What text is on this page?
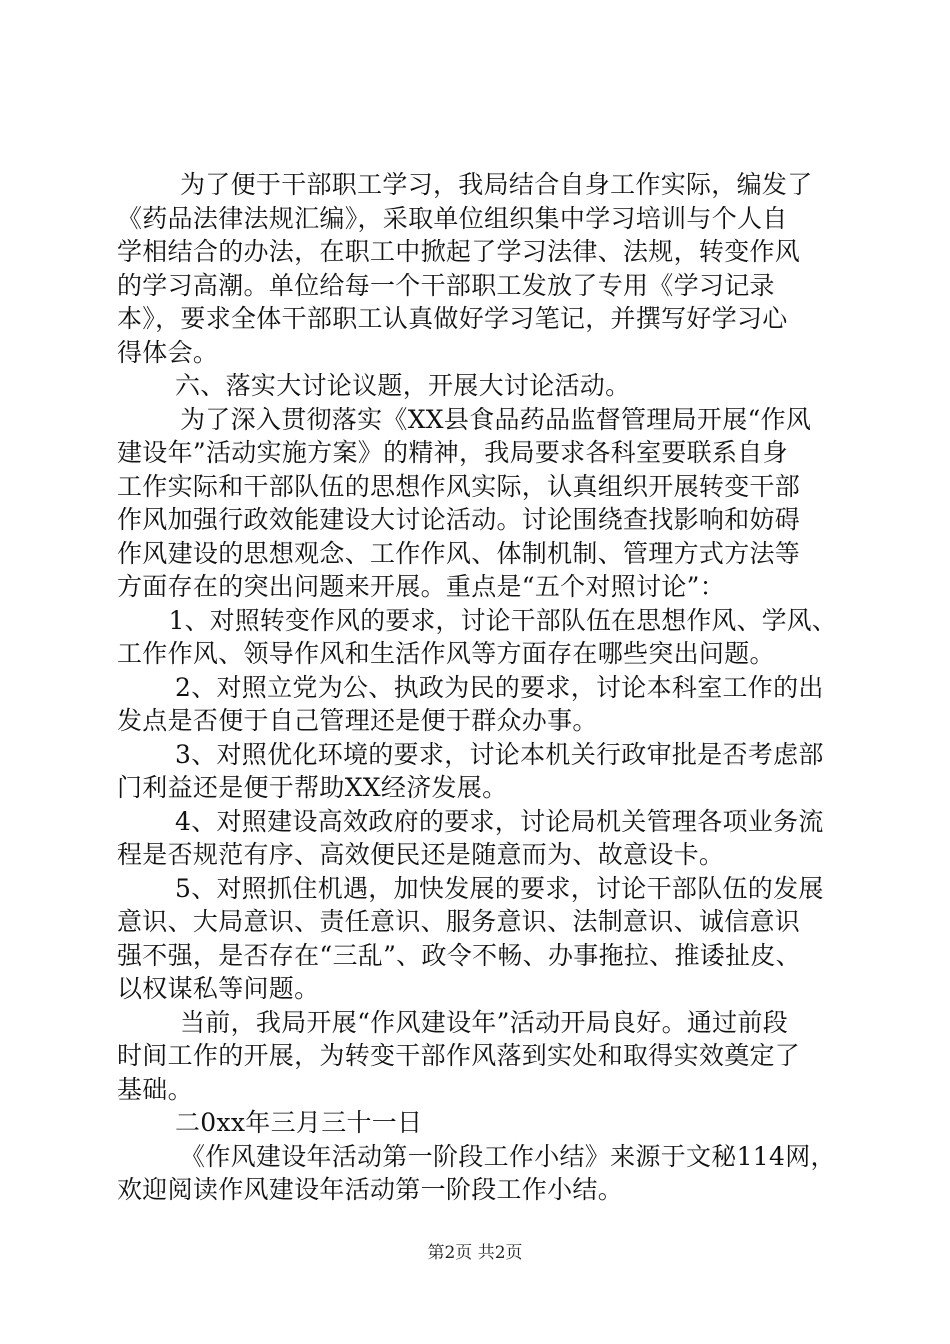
为了便于干部职工学习，我局结合自身工作实际，编发了
《药品法律法规汇编》，采取单位组织集中学习培训与个人自
学相结合的办法，在职工中掀起了学习法律、法规，转变作风
的学习高潮。单位给每一个干部职工发放了专用《学习记录
本》，要求全体干部职工认真做好学习笔记，并撰写好学习心
得体会。
六、落实大讨论议题，开展大讨论活动。
为了深入贯彻落实《XX县食品药品监督管理局开展“作风
建设年”活动实施方案》的精神，我局要求各科室要联系自身
工作实际和干部队伍的思想作风实际，认真组织开展转变干部
作风加强行政效能建设大讨论活动。讨论围绕查找影响和妨碍
作风建设的思想观念、工作作风、体制机制、管理方式方法等
方面存在的突出问题来开展。重点是“五个对照讨论”：
1、对照转变作风的要求，讨论干部队伍在思想作风、学风、
工作作风、领导作风和生活作风等方面存在哪些突出问题。
2、对照立党为公、执政为民的要求，讨论本科室工作的出
发点是否便于自己管理还是便于群众办事。
3、对照优化环境的要求，讨论本机关行政审批是否考虑部
门利益还是便于帮助XX经济发展。
4、对照建设高效政府的要求，讨论局机关管理各项业务流
程是否规范有序、高效便民还是随意而为、故意设卡。
5、对照抓住机遇，加快发展的要求，讨论干部队伍的发展
意识、大局意识、责任意识、服务意识、法制意识、诚信意识
强不强，是否存在“三乱”、政令不畅、办事拖拉、推诿扯皮、
以权谋私等问题。
当前，我局开展“作风建设年”活动开局良好。通过前段
时间工作的开展，为转变干部作风落到实处和取得实效奠定了
基础。
二0xx年三月三十一日
《作风建设年活动第一阶段工作小结》来源于文秘114网，
欢迎阅读作风建设年活动第一阶段工作小结。
第2页 共2页
